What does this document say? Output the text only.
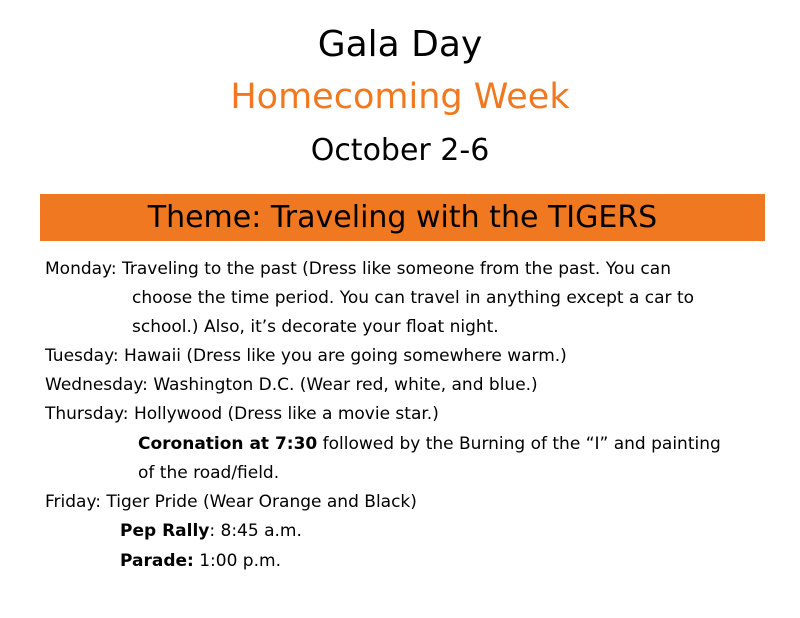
Gala Day
Homecoming Week
October 2-6
Theme: Traveling with the TIGERS
Monday: Traveling to the past (Dress like someone from the past. You can
choose the time period. You can travel in anything except a car to
school.) Also, it’s decorate your float night.
Tuesday: Hawaii (Dress like you are going somewhere warm.)
Wednesday: Washington D.C. (Wear red, white, and blue.)
Thursday: Hollywood (Dress like a movie star.)
Coronation at 7:30 followed by the Burning of the “I” and painting
of the road/field.
Friday: Tiger Pride (Wear Orange and Black)
Pep Rally: 8:45 a.m.
Parade: 1:00 p.m.
